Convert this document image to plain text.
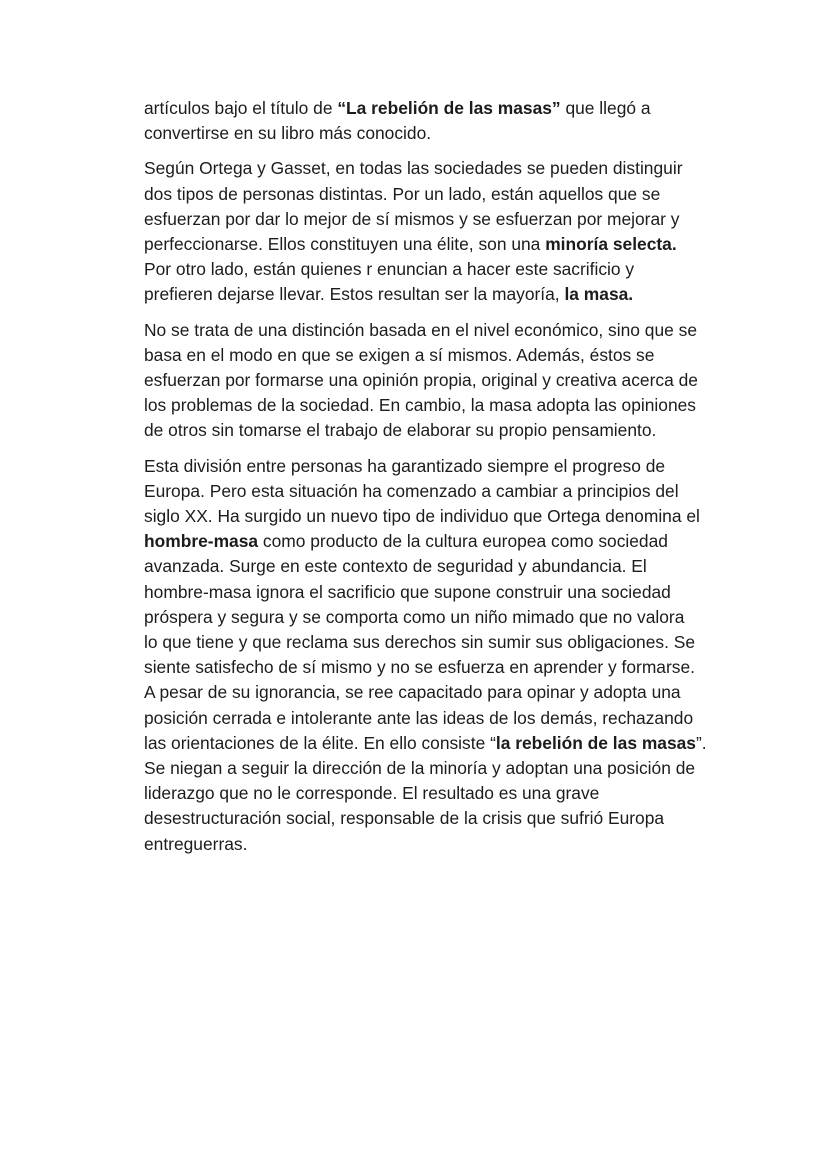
artículos bajo el título de “La rebelión de las masas” que llegó a
convertirse en su libro más conocido.

Según Ortega y Gasset, en todas las sociedades se pueden distinguir
dos tipos de personas distintas. Por un lado, están aquellos que se
esfuerzan por dar lo mejor de sí mismos y se esfuerzan por mejorar y
perfeccionarse. Ellos constituyen una élite, son una minoría selecta.
Por otro lado, están quienes r enuncian a hacer este sacrificio y
prefieren dejarse llevar. Estos resultan ser la mayoría, la masa.

No se trata de una distinción basada en el nivel económico, sino que se
basa en el modo en que se exigen a sí mismos. Además, éstos se
esfuerzan por formarse una opinión propia, original y creativa acerca de
los problemas de la sociedad. En cambio, la masa adopta las opiniones
de otros sin tomarse el trabajo de elaborar su propio pensamiento.

Esta división entre personas ha garantizado siempre el progreso de
Europa. Pero esta situación ha comenzado a cambiar a principios del
siglo XX. Ha surgido un nuevo tipo de individuo que Ortega denomina el
hombre-masa como producto de la cultura europea como sociedad
avanzada. Surge en este contexto de seguridad y abundancia. El
hombre-masa ignora el sacrificio que supone construir una sociedad
próspera y segura y se comporta como un niño mimado que no valora
lo que tiene y que reclama sus derechos sin sumir sus obligaciones. Se
siente satisfecho de sí mismo y no se esfuerza en aprender y formarse.
A pesar de su ignorancia, se ree capacitado para opinar y adopta una
posición cerrada e intolerante ante las ideas de los demás, rechazando
las orientaciones de la élite. En ello consiste “la rebelión de las masas”.
Se niegan a seguir la dirección de la minoría y adoptan una posición de
liderazgo que no le corresponde. El resultado es una grave
desestructuración social, responsable de la crisis que sufrió Europa
entreguerras.
